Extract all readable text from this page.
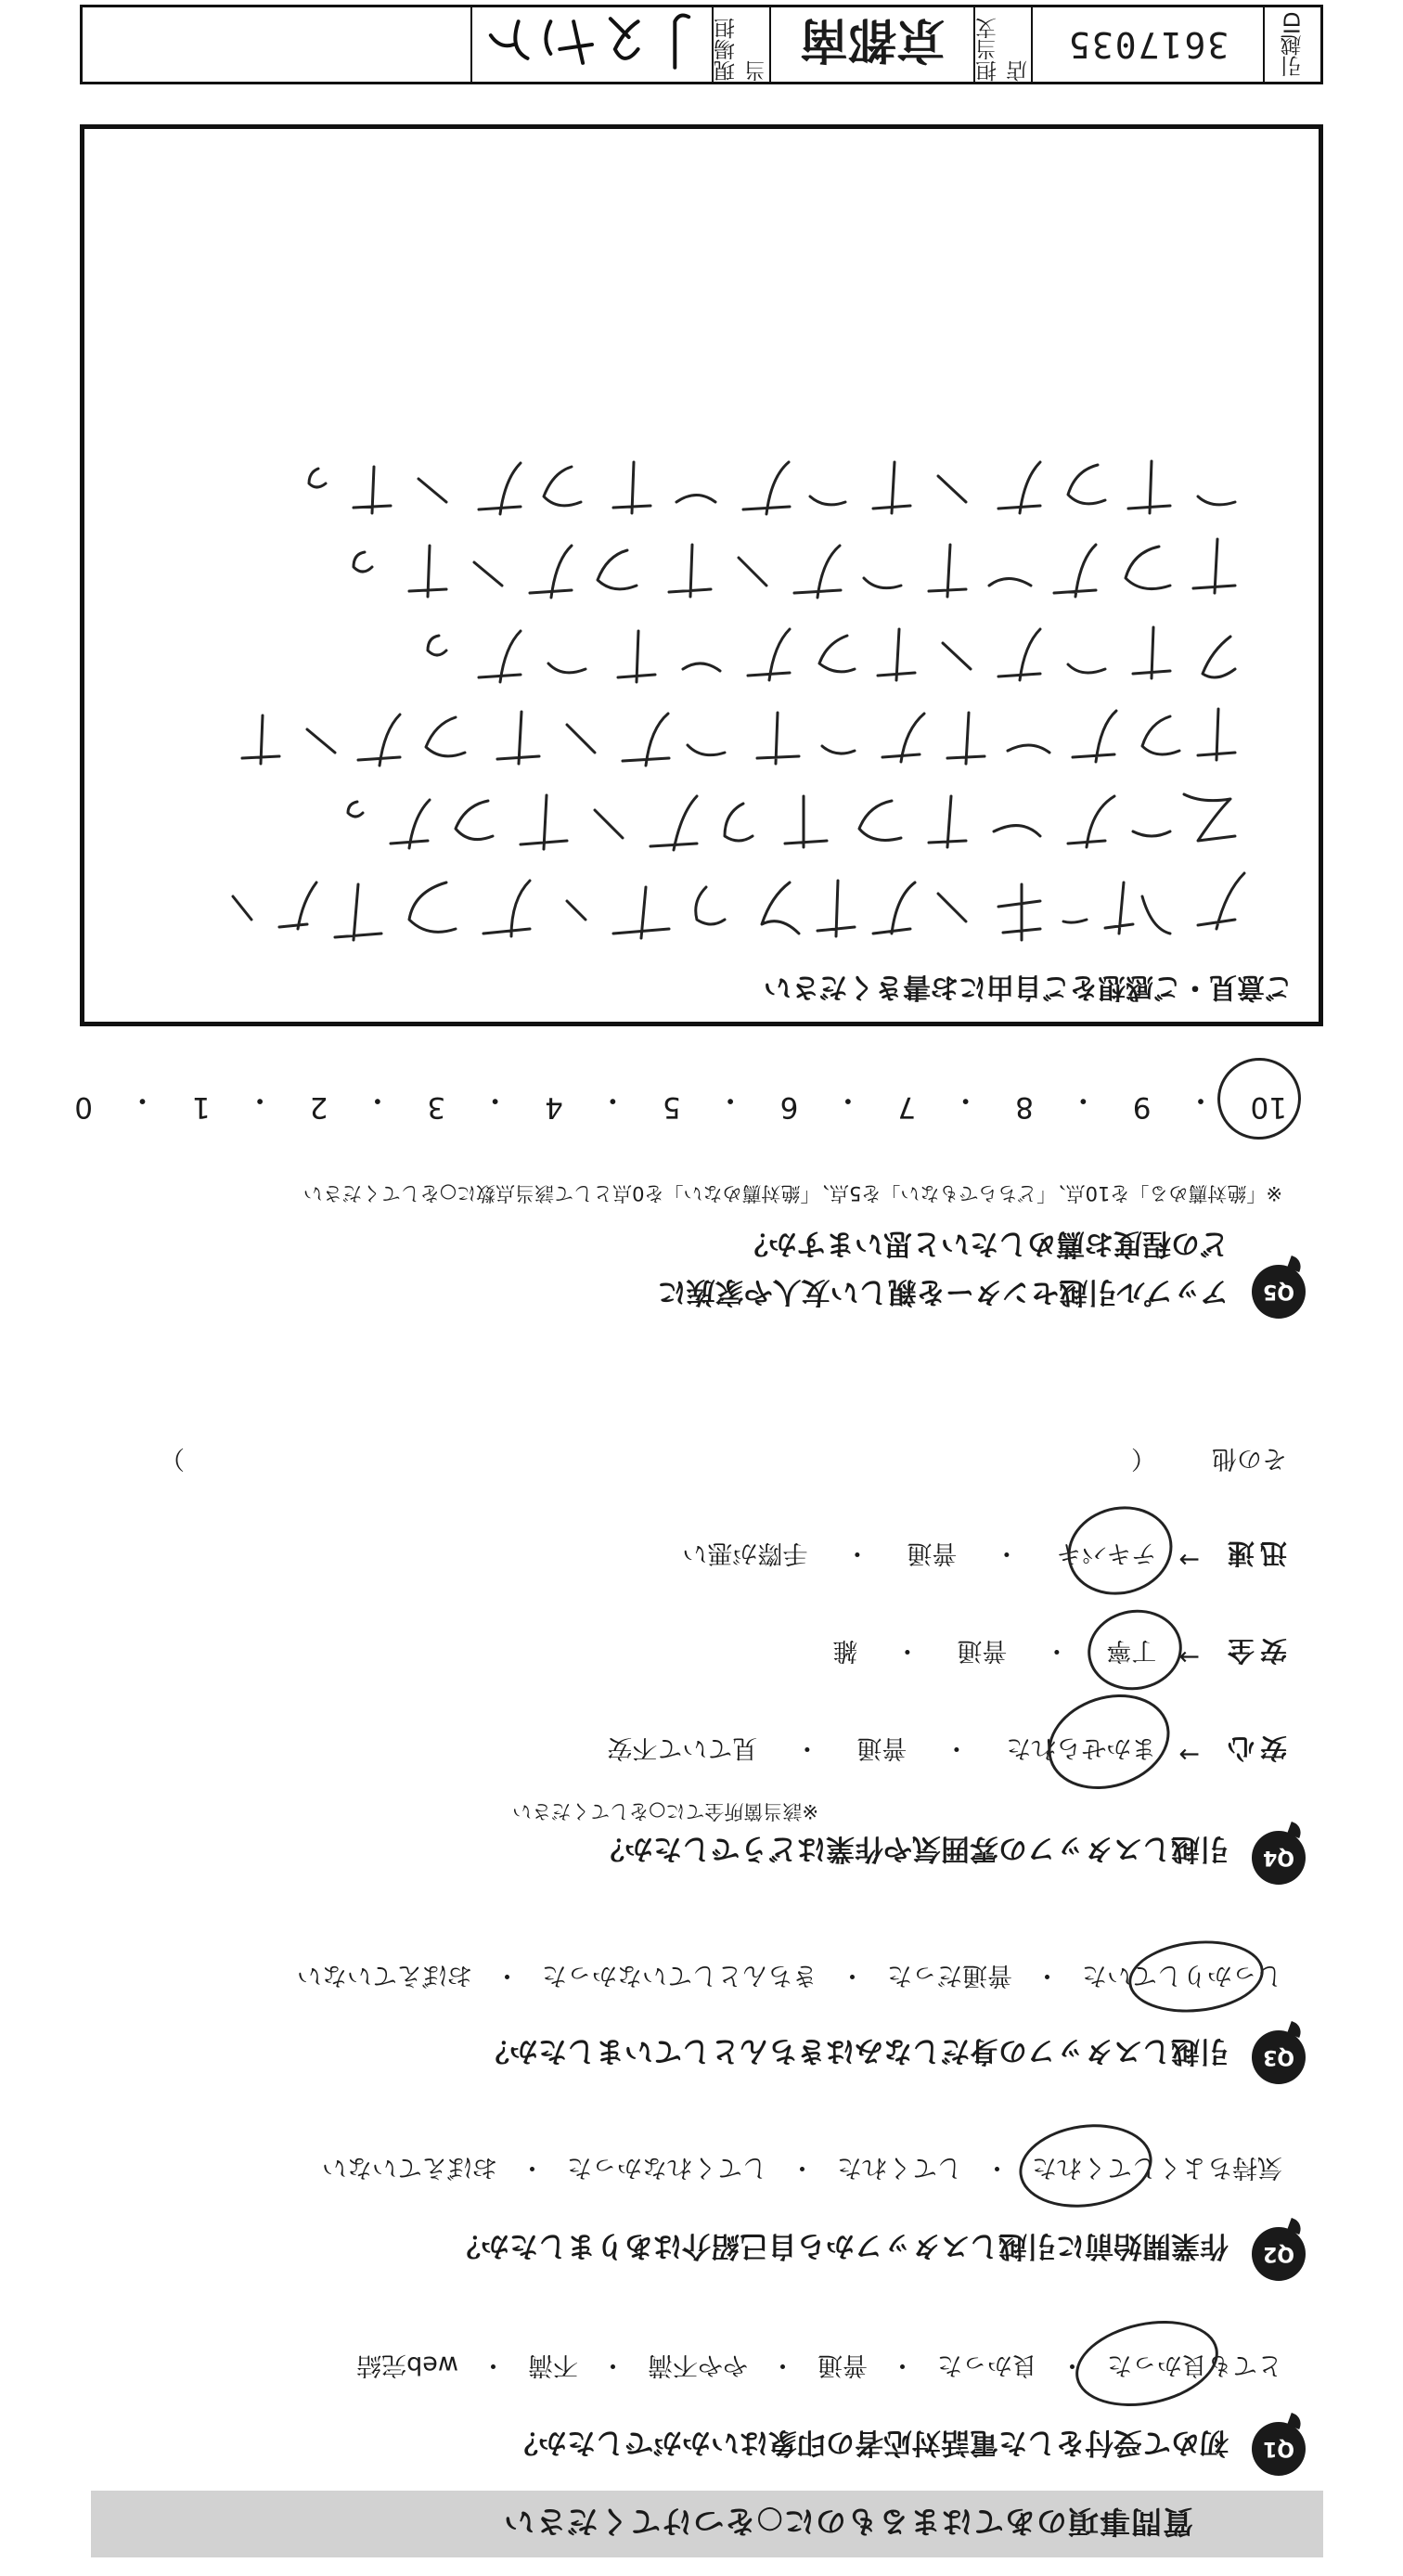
質問事項のあてはまるものに○をつけてください
Q1
初めて受付をした電話対応者の印象はいかがでしたか？
とても良かった
・
良かった
・
普通
・
やや不満
・
不満
・
web完結
Q2
作業開始前に引越しスタッフから自己紹介はありましたか？
気持ちよくしてくれた
・
してくれた
・
してくれなかった
・
おぼえていない
Q3
引越しスタッフの身だしなみはきちんとしていましたか？
しっかりしていた
・
普通だった
・
きちんとしていなかった
・
おぼえていない
Q4
引越しスタッフの雰囲気や作業はどうでしたか？
※該当箇所全てに○をしてください
安心
→
まかせられた
・
普通
・
見ていて不安
安全
→
丁寧
・
普通
・
雑
迅速
→
テキパキ
・
普通
・
手際が悪い
その他
（
）
Q5
アップル引越センターを親しい友人や家族に
どの程度お薦めしたいと思いますか？
※「絶対薦める」を10点、「どちらでもない」を5点、「絶対薦めない」を0点として該当点数に○をしてください
10
・
9
・
8
・
7
・
6
・
5
・
4
・
3
・
2
・
1
・
0
ご意見・ご感想をご自由にお書きください
引越ID
3617035
担当支店
京都南
現場担当
